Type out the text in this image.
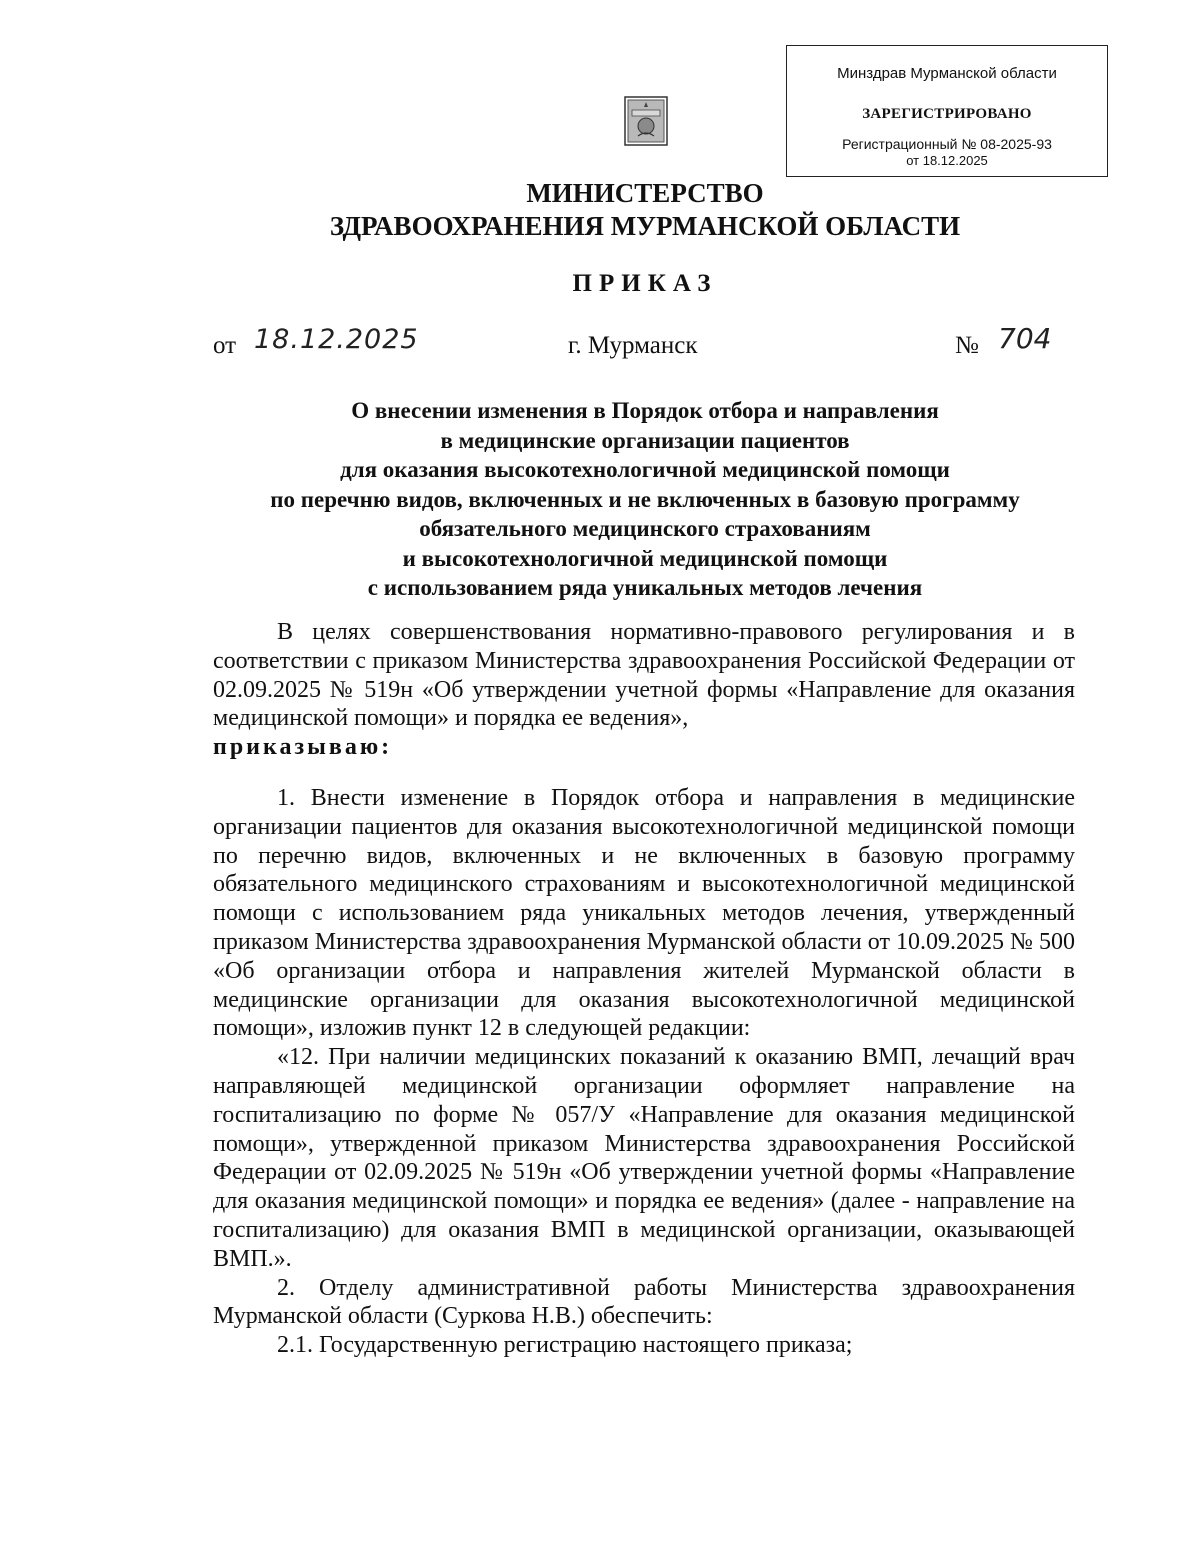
Минздрав Мурманской области
ЗАРЕГИСТРИРОВАНО
Регистрационный № 08-2025-93
от 18.12.2025
МИНИСТЕРСТВО
ЗДРАВООХРАНЕНИЯ МУРМАНСКОЙ ОБЛАСТИ
ПРИКАЗ
от 18.12.2025	г. Мурманск	№ 704
О внесении изменения в Порядок отбора и направления
в медицинские организации пациентов
для оказания высокотехнологичной медицинской помощи
по перечню видов, включенных и не включенных в базовую программу
обязательного медицинского страхованиям
и высокотехнологичной медицинской помощи
с использованием ряда уникальных методов лечения

В целях совершенствования нормативно-правового регулирования и в соответствии с приказом Министерства здравоохранения Российской Федерации от 02.09.2025 № 519н «Об утверждении учетной формы «Направление для оказания медицинской помощи» и порядка ее ведения»,
приказываю:

1. Внести изменение в Порядок отбора и направления в медицинские организации пациентов для оказания высокотехнологичной медицинской помощи по перечню видов, включенных и не включенных в базовую программу обязательного медицинского страхованиям и высокотехнологичной медицинской помощи с использованием ряда уникальных методов лечения, утвержденный приказом Министерства здравоохранения Мурманской области от 10.09.2025 № 500 «Об организации отбора и направления жителей Мурманской области в медицинские организации для оказания высокотехнологичной медицинской помощи», изложив пункт 12 в следующей редакции:

«12. При наличии медицинских показаний к оказанию ВМП, лечащий врач направляющей медицинской организации оформляет направление на госпитализацию по форме № 057/У «Направление для оказания медицинской помощи», утвержденной приказом Министерства здравоохранения Российской Федерации от 02.09.2025 № 519н «Об утверждении учетной формы «Направление для оказания медицинской помощи» и порядка ее ведения» (далее - направление на госпитализацию) для оказания ВМП в медицинской организации, оказывающей ВМП.».

2. Отделу административной работы Министерства здравоохранения Мурманской области (Суркова Н.В.) обеспечить:

2.1. Государственную регистрацию настоящего приказа;
